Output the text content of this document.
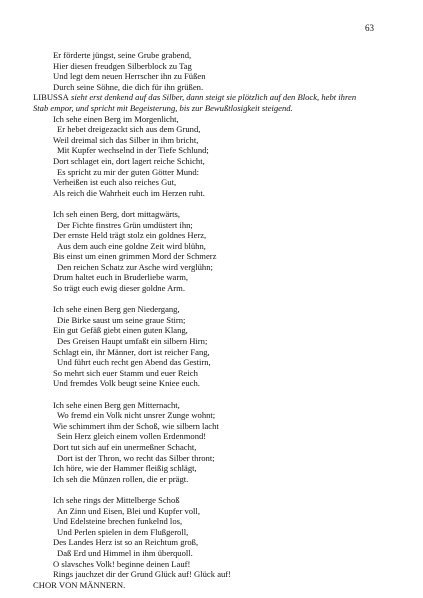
63
Er förderte jüngst, seine Grube grabend,
Hier diesen freudgen Silberblock zu Tag
Und legt dem neuen Herrscher ihn zu Füßen
Durch seine Söhne, die dich für ihn grüßen.
LIBUSSA sieht erst denkend auf das Silber, dann steigt sie plötzlich auf den Block, hebt ihren
Stab empor, und spricht mit Begeisterung, bis zur Bewußtlosigkeit steigend.
Ich sehe einen Berg im Morgenlicht,
Er hebet dreigezackt sich aus dem Grund,
Weil dreimal sich das Silber in ihm bricht,
Mit Kupfer wechselnd in der Tiefe Schlund;
Dort schlaget ein, dort lagert reiche Schicht,
Es spricht zu mir der guten Götter Mund:
Verheißen ist euch also reiches Gut,
Als reich die Wahrheit euch im Herzen ruht.
Ich seh einen Berg, dort mittagwärts,
Der Fichte finstres Grün umdüstert ihn;
Der ernste Held trägt stolz ein goldnes Herz,
Aus dem auch eine goldne Zeit wird blühn,
Bis einst um einen grimmen Mord der Schmerz
Den reichen Schatz zur Asche wird verglühn;
Drum haltet euch in Bruderliebe warm,
So trägt euch ewig dieser goldne Arm.
Ich sehe einen Berg gen Niedergang,
Die Birke saust um seine graue Stirn;
Ein gut Gefäß giebt einen guten Klang,
Des Greisen Haupt umfaßt ein silbern Hirn;
Schlagt ein, ihr Männer, dort ist reicher Fang,
Und führt euch recht gen Abend das Gestirn,
So mehrt sich euer Stamm und euer Reich
Und fremdes Volk beugt seine Kniee euch.
Ich sehe einen Berg gen Mitternacht,
Wo fremd ein Volk nicht unsrer Zunge wohnt;
Wie schimmert ihm der Schoß, wie silbern lacht
Sein Herz gleich einem vollen Erdenmond!
Dort tut sich auf ein unermeßner Schacht,
Dort ist der Thron, wo recht das Silber thront;
Ich höre, wie der Hammer fleißig schlägt,
Ich seh die Münzen rollen, die er prägt.
Ich sehe rings der Mittelberge Schoß
An Zinn und Eisen, Blei und Kupfer voll,
Und Edelsteine brechen funkelnd los,
Und Perlen spielen in dem Flußgeroll,
Des Landes Herz ist so an Reichtum groß,
Daß Erd und Himmel in ihm überquoll.
O slavsches Volk! beginne deinen Lauf!
Rings jauchzet dir der Grund Glück auf! Glück auf!
CHOR VON MÄNNERN.
